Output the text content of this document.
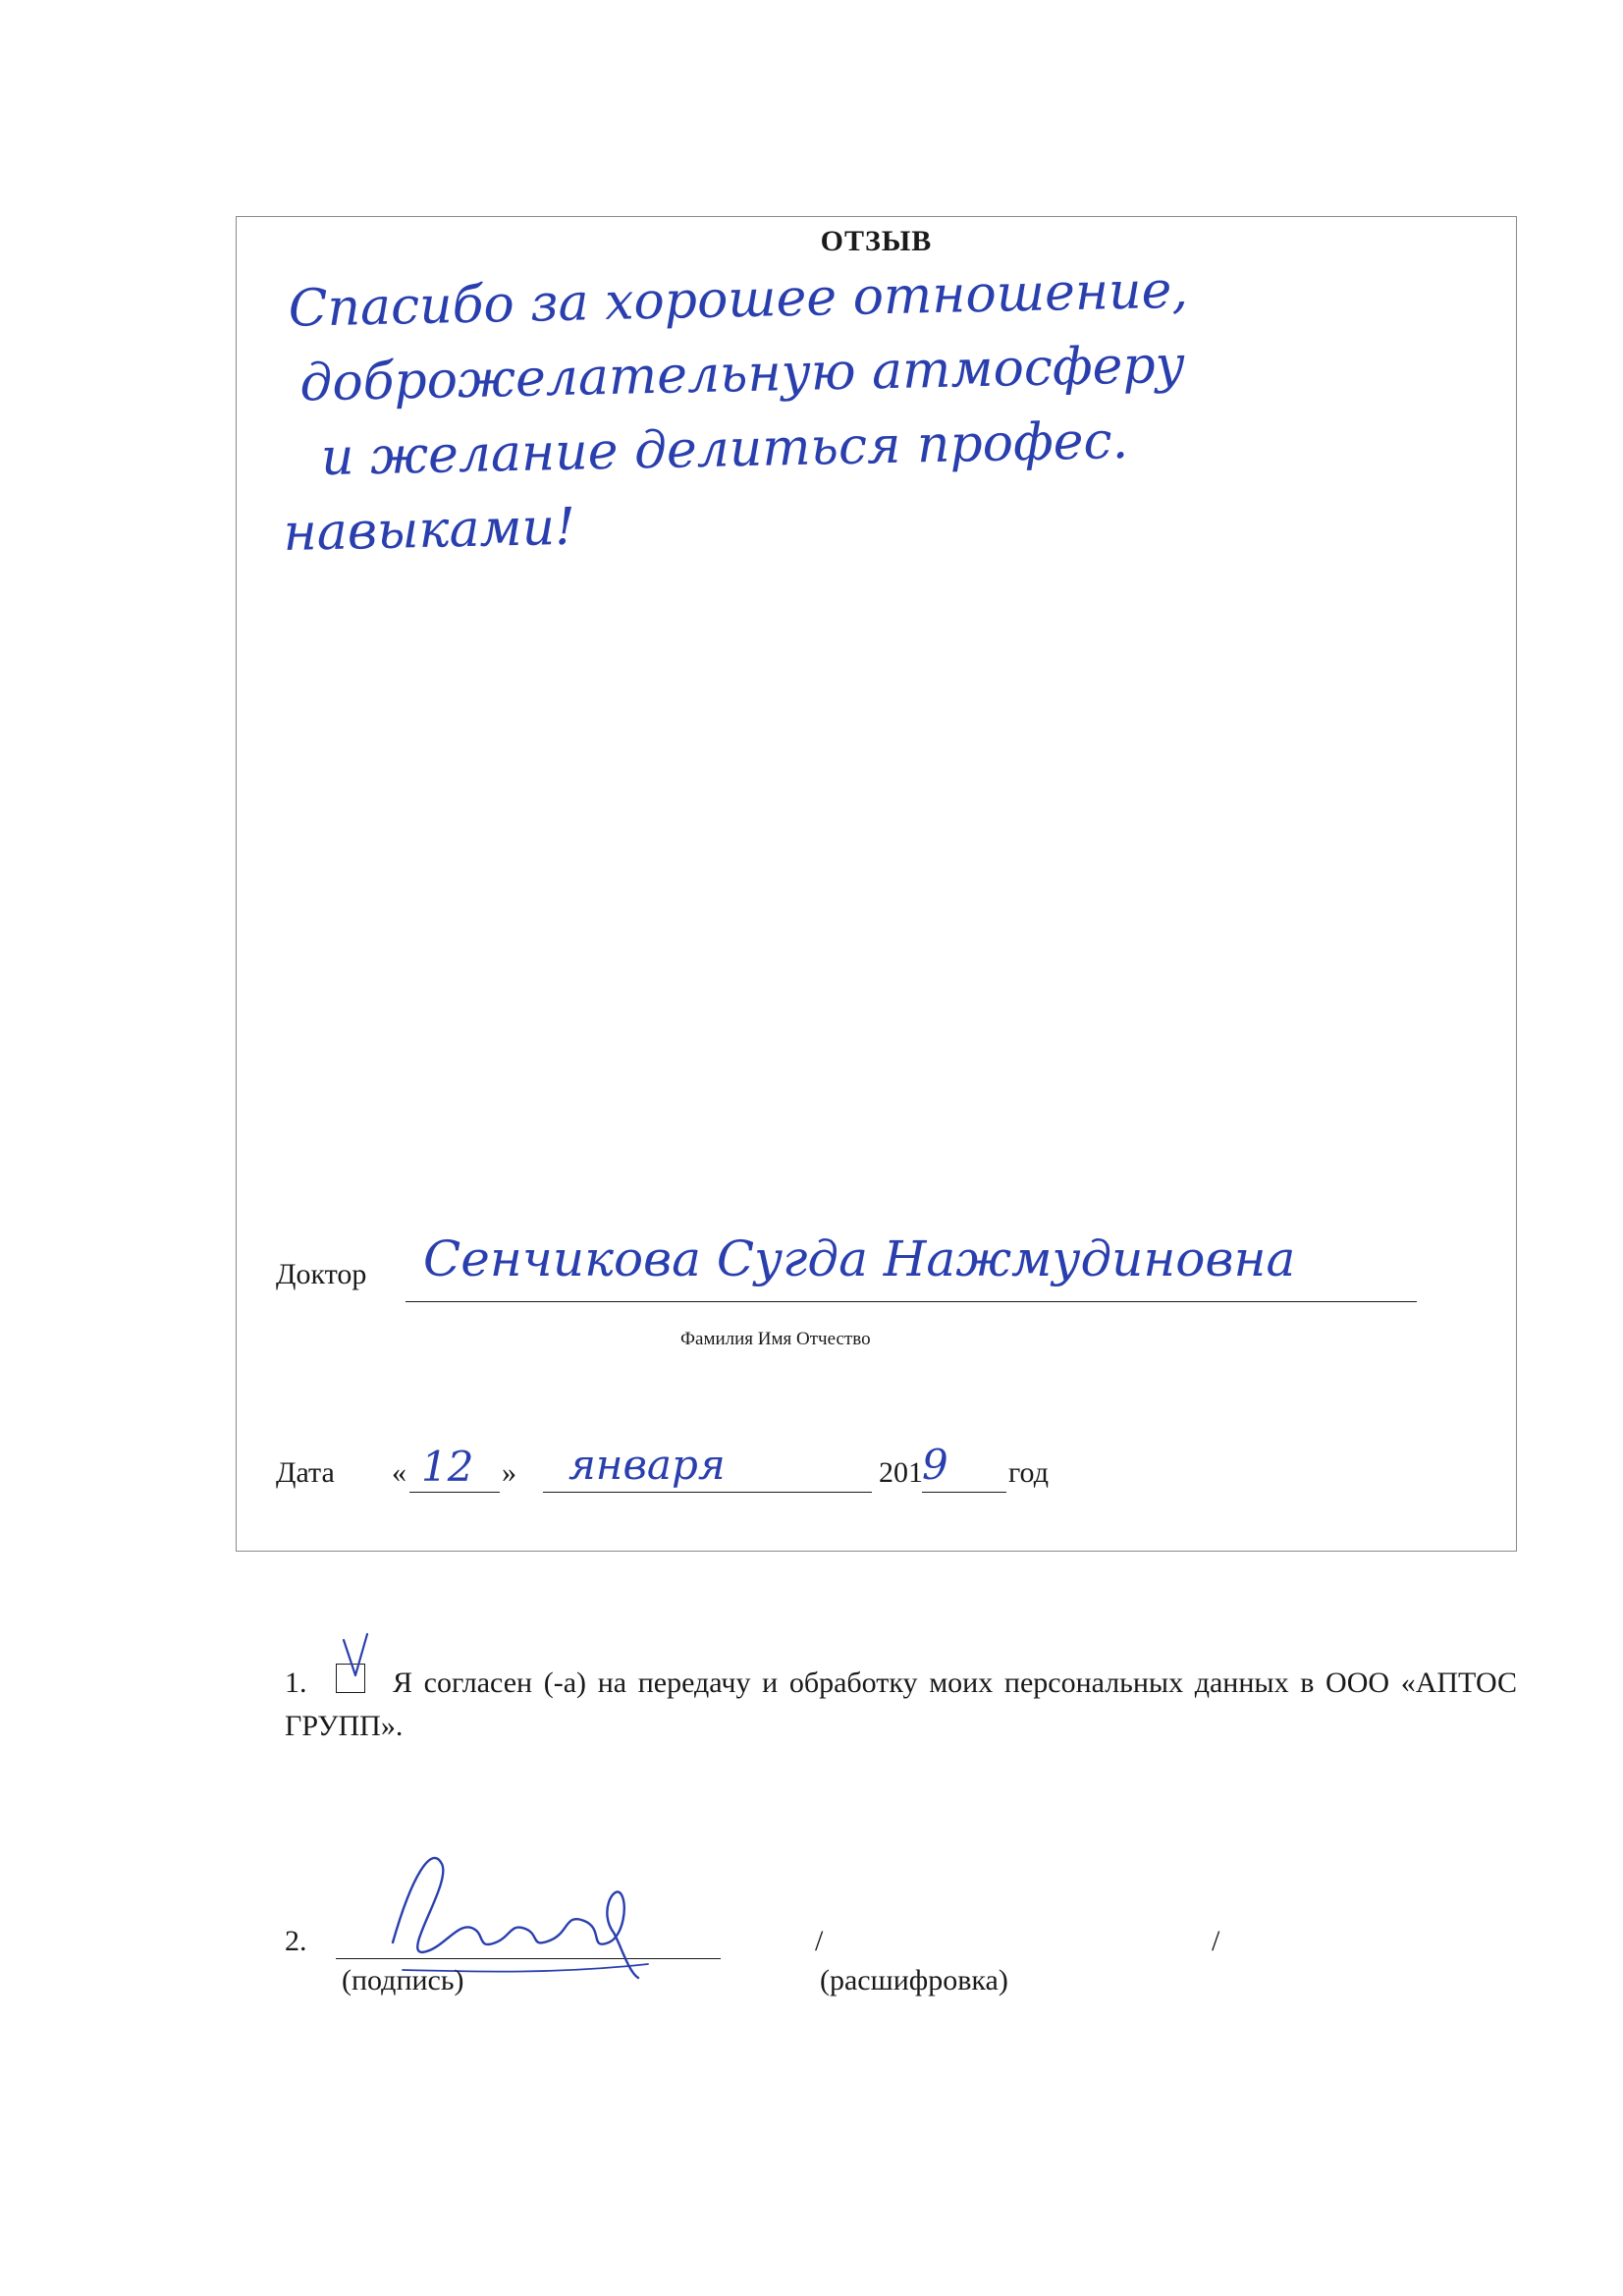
ОТЗЫВ
Спасибо за хорошее отношение,
доброжелательную атмосферу
и желание делиться профес.
навыками!
Доктор Сенчикова Сугда Нажмудиновна
Фамилия Имя Отчество
Дата « 12 » января	201 9 год
1.	Я согласен (-а) на передачу и обработку моих персональных данных в ООО «АПТОС ГРУПП».
2.	/	/
(подпись)	(расшифровка)
